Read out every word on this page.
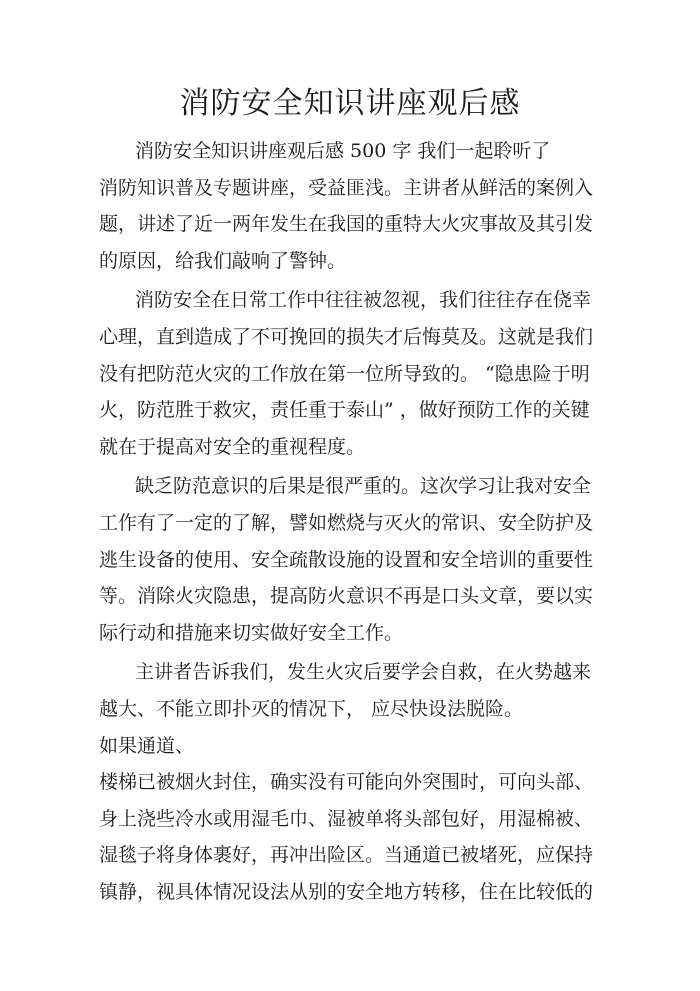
消防安全知识讲座观后感
消防安全知识讲座观后感 500 字 我们一起聆听了
消防知识普及专题讲座，受益匪浅。主讲者从鲜活的案例入
题，讲述了近一两年发生在我国的重特大火灾事故及其引发
的原因，给我们敲响了警钟。
消防安全在日常工作中往往被忽视，我们往往存在侥幸
心理，直到造成了不可挽回的损失才后悔莫及。这就是我们
没有把防范火灾的工作放在第一位所导致的。 “隐患险于明
火，防范胜于救灾，责任重于泰山” ，做好预防工作的关键
就在于提高对安全的重视程度。
缺乏防范意识的后果是很严重的。这次学习让我对安全
工作有了一定的了解，譬如燃烧与灭火的常识、安全防护及
逃生设备的使用、安全疏散设施的设置和安全培训的重要性
等。消除火灾隐患，提高防火意识不再是口头文章，要以实
际行动和措施来切实做好安全工作。
主讲者告诉我们，发生火灾后要学会自救，在火势越来
越大、不能立即扑灭的情况下， 应尽快设法脱险。
如果通道、
楼梯已被烟火封住，确实没有可能向外突围时，可向头部、
身上浇些冷水或用湿毛巾、湿被单将头部包好，用湿棉被、
湿毯子将身体裹好，再冲出险区。当通道已被堵死，应保持
镇静，视具体情况设法从别的安全地方转移，住在比较低的
